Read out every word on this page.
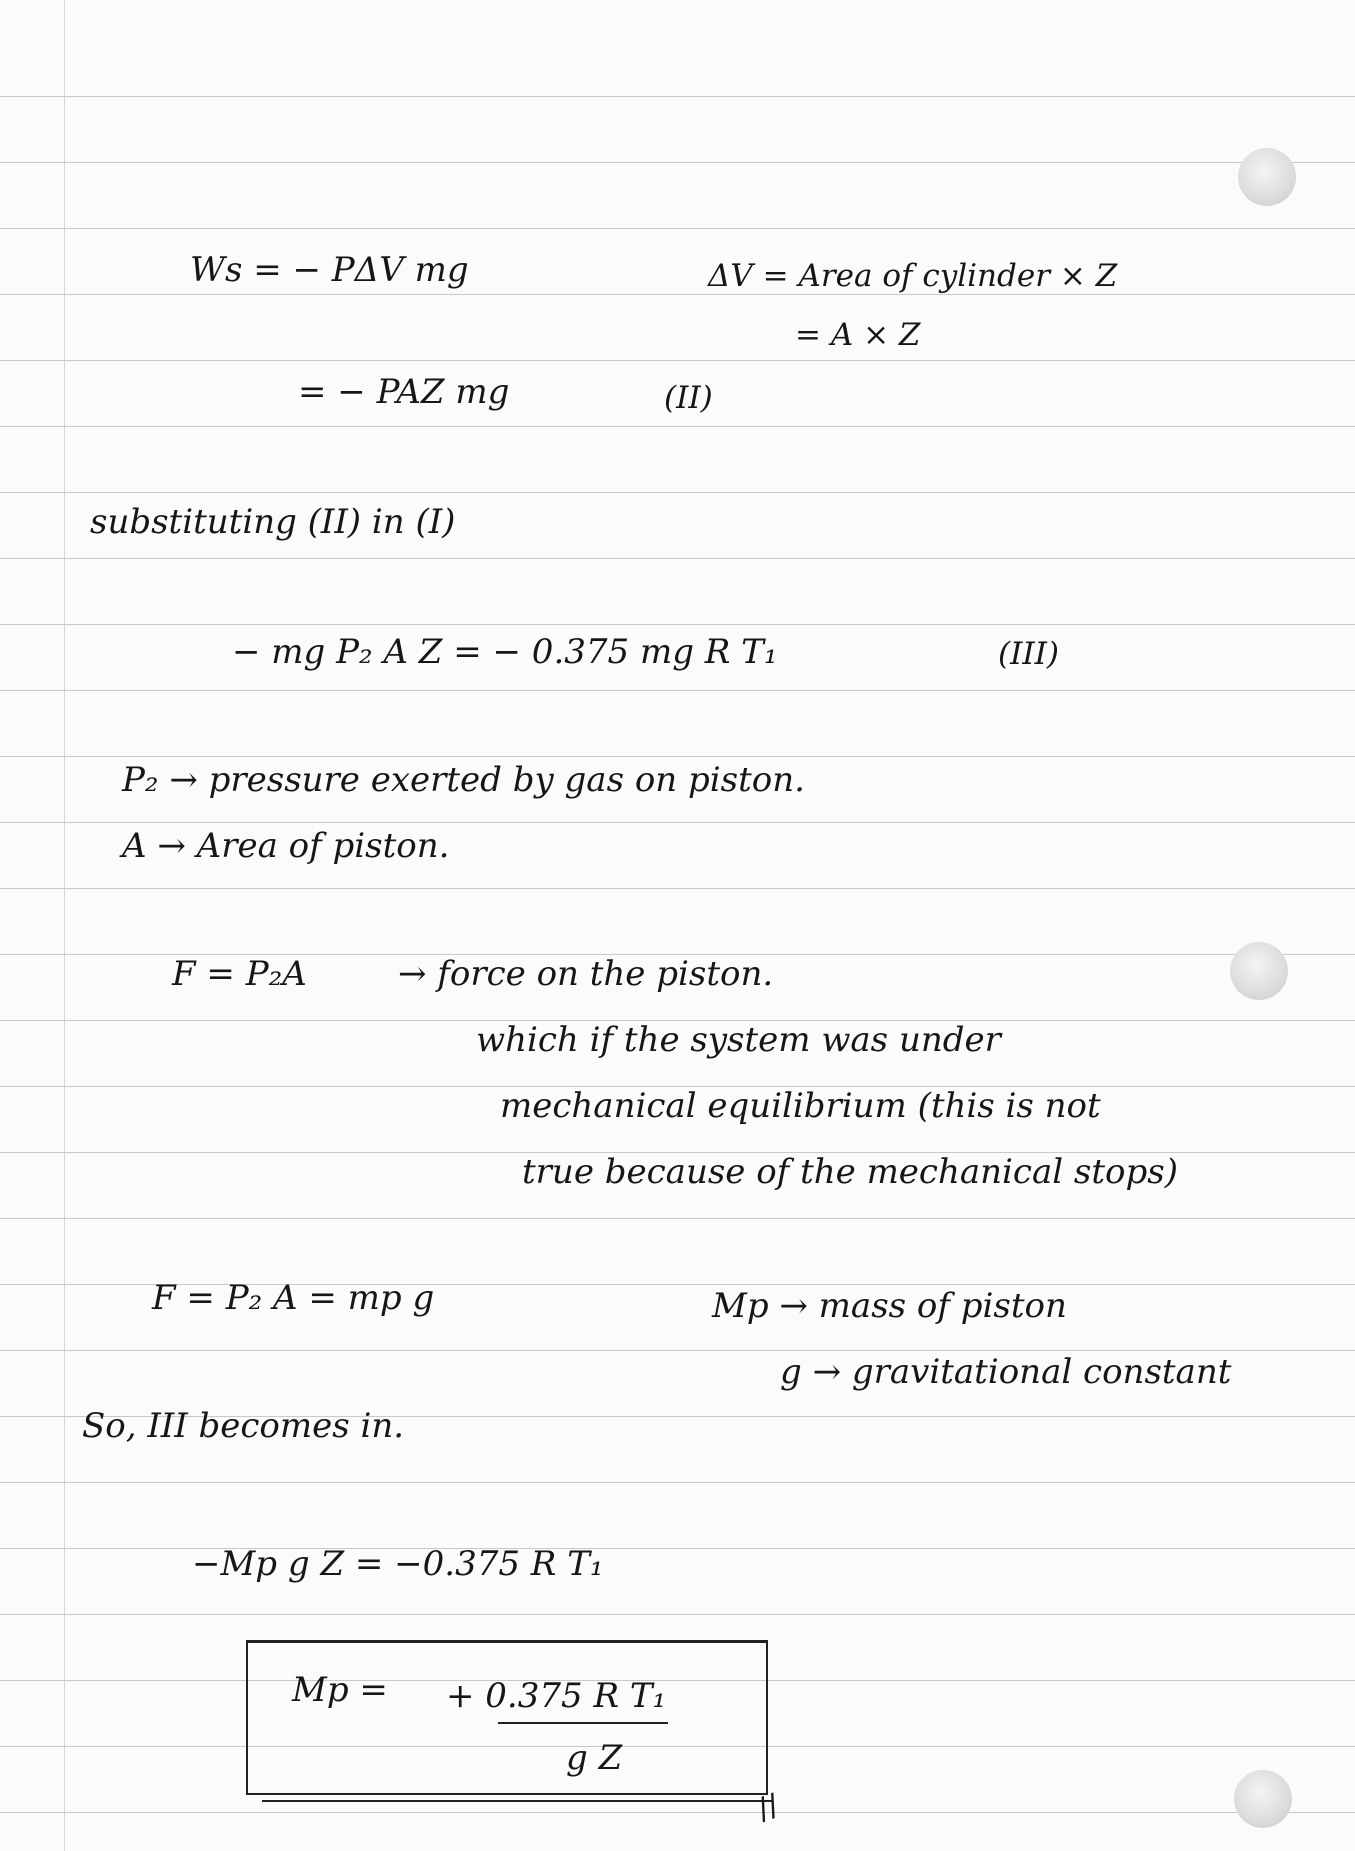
Ws = − PΔV mg	ΔV = Area of cylinder × Z
= A × Z
= − PAZ mg	(II)
substituting (II) in (I)
− mg P₂ A Z = − 0.375 mg R T₁	(III)
P₂ → pressure exerted by gas on piston.
A → Area of piston.
F = P₂A	→ force on the piston.
which if the system was under
mechanical equilibrium (this is not
true because of the mechanical stops)
F = P₂ A = mp g	Mp → mass of piston
g → gravitational constant
So, III becomes in.
−Mp g Z = −0.375 R T₁
Mp = + 0.375 R T₁
g Z
//
